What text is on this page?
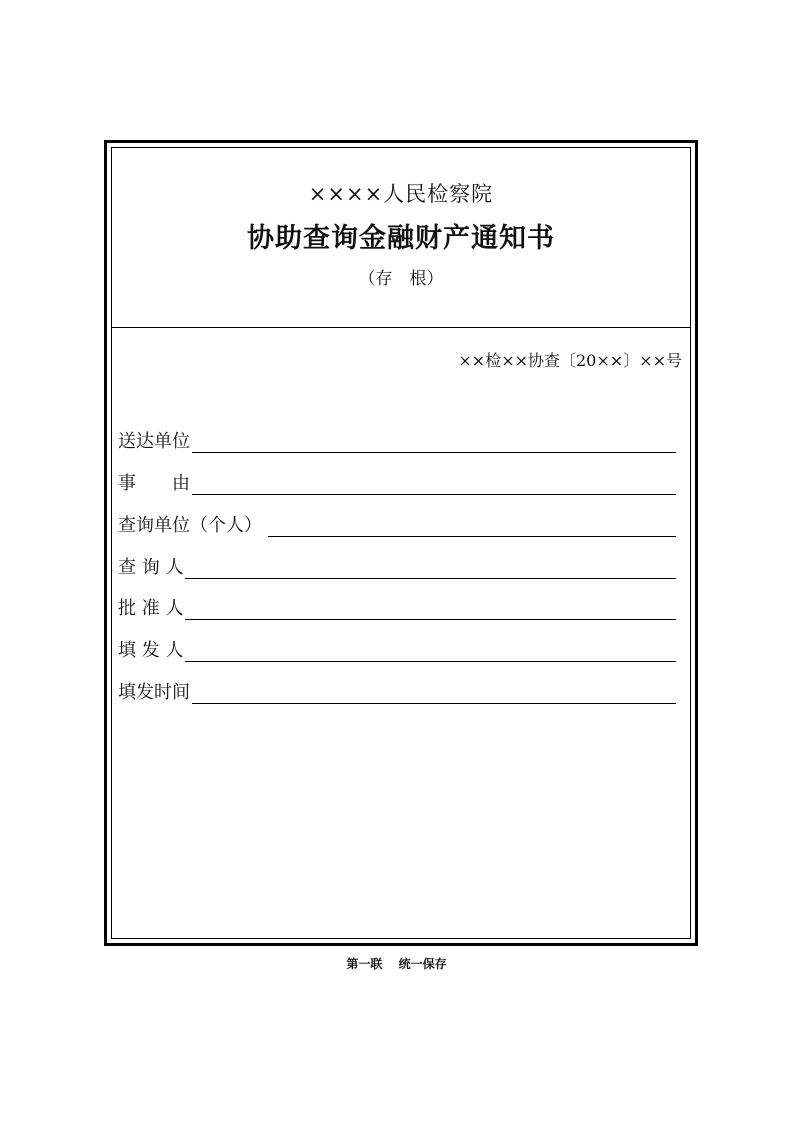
××××人民检察院
协助查询金融财产通知书
（存　根）
××检××协查〔20××〕××号
送达单位
事　　由
查询单位（个人）
查 询 人
批 准 人
填 发 人
填发时间
第一联　 统一保存
